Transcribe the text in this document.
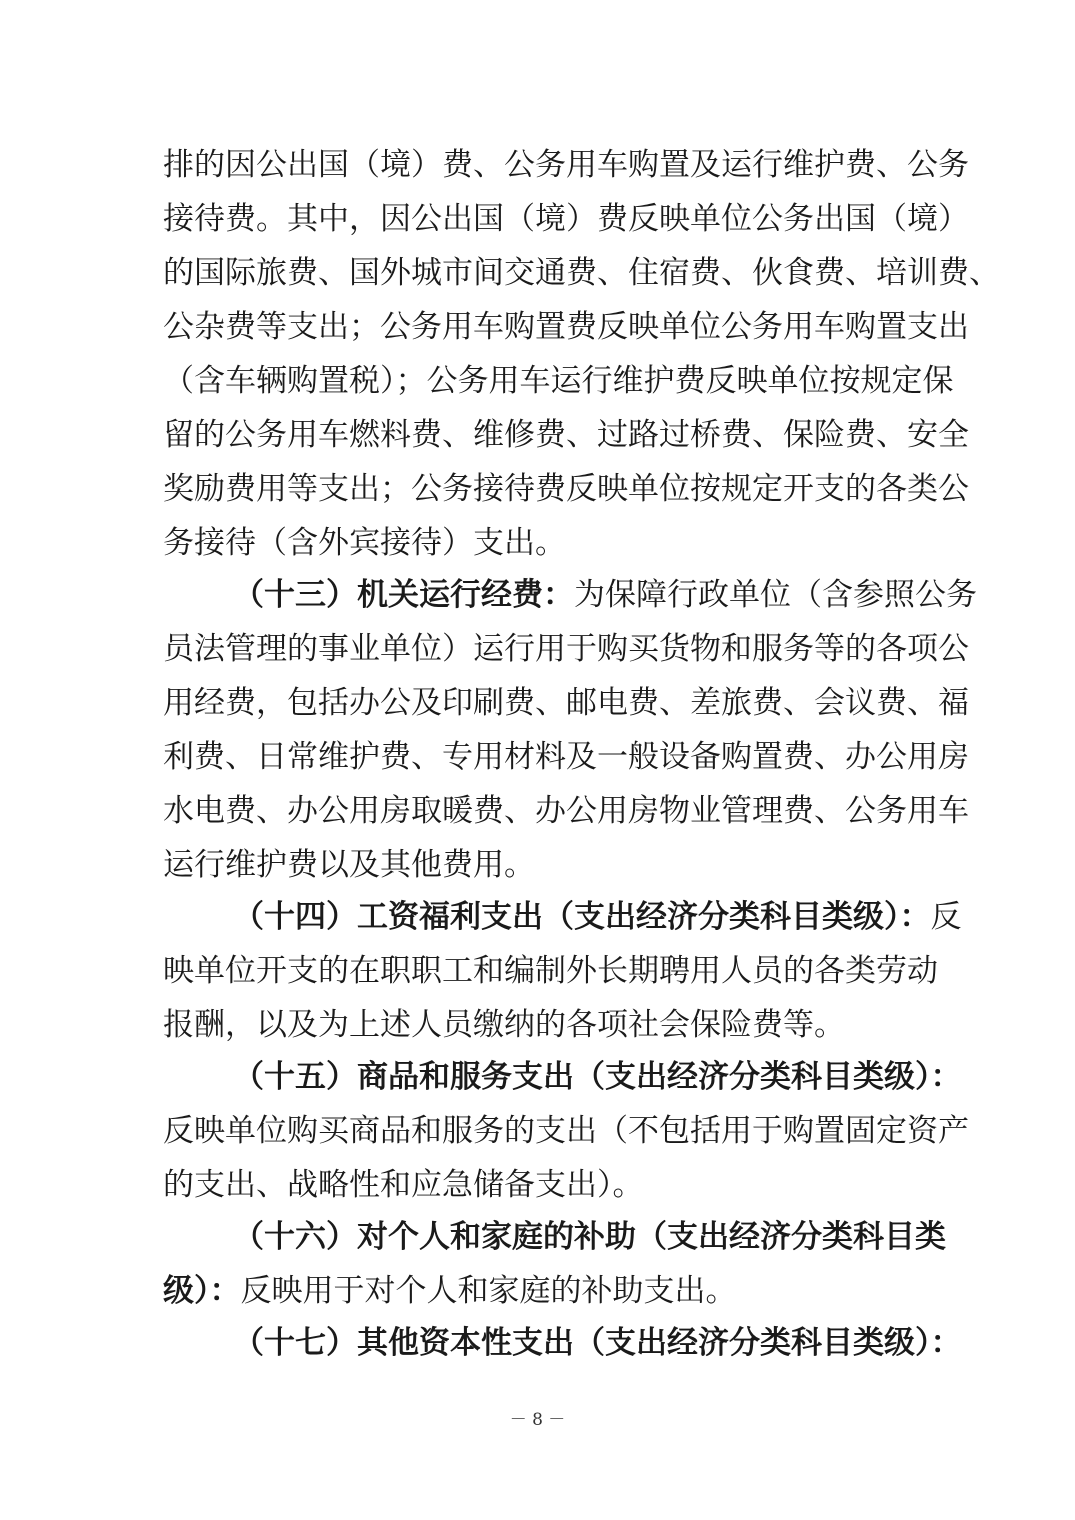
排的因公出国（境）费、公务用车购置及运行维护费、公务
接待费。其中，因公出国（境）费反映单位公务出国（境）
的国际旅费、国外城市间交通费、住宿费、伙食费、培训费、
公杂费等支出；公务用车购置费反映单位公务用车购置支出
（含车辆购置税）；公务用车运行维护费反映单位按规定保
留的公务用车燃料费、维修费、过路过桥费、保险费、安全
奖励费用等支出；公务接待费反映单位按规定开支的各类公
务接待（含外宾接待）支出。
（十三）机关运行经费：为保障行政单位（含参照公务
员法管理的事业单位）运行用于购买货物和服务等的各项公
用经费，包括办公及印刷费、邮电费、差旅费、会议费、福
利费、日常维护费、专用材料及一般设备购置费、办公用房
水电费、办公用房取暖费、办公用房物业管理费、公务用车
运行维护费以及其他费用。
（十四）工资福利支出（支出经济分类科目类级）：反
映单位开支的在职职工和编制外长期聘用人员的各类劳动
报酬，以及为上述人员缴纳的各项社会保险费等。
（十五）商品和服务支出（支出经济分类科目类级）：
反映单位购买商品和服务的支出（不包括用于购置固定资产
的支出、战略性和应急储备支出）。
（十六）对个人和家庭的补助（支出经济分类科目类
级）：反映用于对个人和家庭的补助支出。
（十七）其他资本性支出（支出经济分类科目类级）：
－ 8 －
